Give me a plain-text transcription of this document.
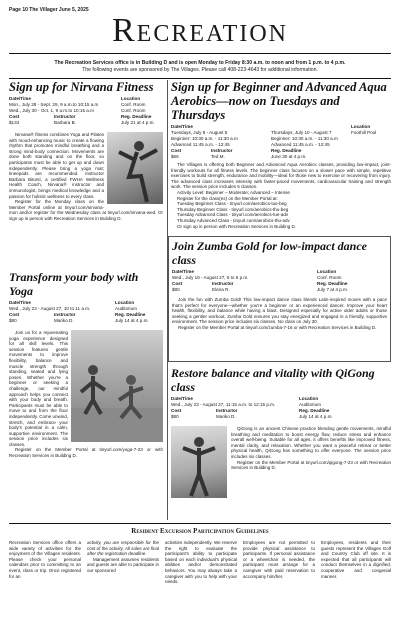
Page 10 The Villager June 5, 2025
Recreation
The Recreation Services office is in Building D and is open Monday to Friday 8:30 a.m. to noon and from 1 p.m. to 4 p.m.
The following events are sponsored by The Villages. Please call 408-223-4643 for additional information.
Sign up for Nirvana Fitness
Date/Time	Location
Mon., July 28 - Sept. 29, 9 a.m.to 10:15 a.m	Conf. Room
Wed., July 30 - Oct. 1, 9 a.m.to 10:15 a.m	Conf. Room
Cost	Instructor	Reg. Deadline
$134	Barbara B.	July 21 at 4 p.m.

Nirvana® fitness combines Yoga and Pilates with mood-enhancing music to create a flowing rhythm that promotes mindful breathing and a strong mind-body connection. Movements are done both standing and on the floor, so participants must be able to get up and down independently. Please bring a yoga mat; kneepads are recommended. Instructor Barbara Bitonti, a certified FWHA Wellness Health Coach, Nirvana® instructor and immunologist, brings medical knowledge and a passion for holistic wellness to every class.

Register for the Monday class on the Member Portal online at tinyurl.com/nirvana-mon and/or register for the Wednesday class at tinyurl.com/nirvana-wed. Or sign up in person with Recreation Services in Building D.

Sign up for Beginner and Advanced Aqua Aerobics—now on Tuesdays and Thursdays
Date/Time	Location
Tuesdays, July 8 - August 5	Thursdays, July 10 - August 7	Foothill Pool
Beginner: 10:30 a.m. - 11:30 a.m	Beginner: 10:30 a.m. - 11:30 a.m
Advanced 11:45 a.m. - 12:45	Advanced 11:45 a.m. - 12:45
Cost	Instructor	Reg. Deadline
$66	Ted M.	June 30 at 4 p.m.

The Villages is offering both Beginner and Advanced Aqua Aerobics classes, providing low-impact, joint-friendly workouts for all fitness levels. The beginner class focuses on a slower pace with simple, repetitive exercises to build strength, endurance and mobility—ideal for those new to exercise or recovering from injury. The advanced class increases intensity with faster-paced movements, cardiovascular training and strength work. The session price includes 5 classes.

Activity Level: Beginner – Moderate; Advanced – Intense
Register for the class(es) on the Member Portal at:
Tuesday Beginner Class - tinyurl.com/aerobics-tue-beg
Thursday Beginner Class - tinyurl.com/aerobics-thu-beg
Tuesday Advanced Class - tinyurl.com/aerobics-tue-adv
Thursday Advanced Class - tinyurl.com/aerobics-thu-adv
Or sign up in person with Recreation Services in Building D.
Join Zumba Gold for low-impact dance class
Date/Time	Location
Wed., July 16 - August 27, 5 to 6 p.m.	Conf. Room
Cost	Instructor	Reg. Deadline
$80	Elena R.	July 7 at 4 p.m.

Join the fun with Zumba Gold! This low-impact dance class blends Latin-inspired moves with a pace that's perfect for everyone—whether you're a beginner or an experienced dancer. Improve your heart health, flexibility, and balance while having a blast. Designed especially for active older adults or those seeking a gentler workout, Zumba Gold ensures you stay energized and engaged in a friendly, supportive environment. The session price includes six classes. No class on July 30.

Register on the Member Portal at tinyurl.com/zumba-7-16 or with Recreation Services in Building D.

Transform your body with Yoga
Date/Time	Location
Wed., July 23 - August 27, 10 to 11 a.m.	Auditorium
Cost	Instructor	Reg. Deadline
$80	Mariko D.	July 14 at 4 p.m.

Join us for a rejuvenating yoga experience designed for all skill levels. This session features gentle movements to improve flexibility, balance and muscle strength through standing, seated and lying poses. Whether you're a beginner or seeking a challenge, our mindful approach helps you connect with your body and breath. Participants must be able to move to and from the floor independently. Come unwind, stretch, and embrace your body's potential in a calm, supportive environment. The session price includes six classes.

Register on the Member Portal at tinyurl.com/yoga-7-23 or with Recreation Services in Building D.

Restore balance and vitality with QiGong class
Date/Time	Location
Wed., July 23 - August 27, 11:15 a.m. to 12:15 p.m.	Auditorium
Cost	Instructor	Reg. Deadline
$80	Mariko D.	July 14 at 4 p.m.

QiGong is an ancient Chinese practice blending gentle movements, mindful breathing and meditation to boost energy flow, reduce stress and enhance overall well-being. Suitable for all ages, it offers benefits like improved fitness, mental clarity, and relaxation. Whether you want a peaceful retreat or better physical health, QiGong has something to offer everyone. The session price includes six classes.

Register on the Member Portal at tinyurl.com/qigong-7-23 or with Recreation Services in Building D.

Resident Excursion Participation Guidelines
Recreation Services office offers a wide variety of activities for the enjoyment of the Villages residents. Please check your personal calendars prior to committing to an event, class or trip. Once registered for an

activity, you are responsible for the cost of the activity. All sales are final after the registration deadline.

Management assumes residents and guests are able to participate in our sponsored

activities independently. We reserve the right to evaluate the participant's ability to participate based on each individual's physical abilities and/or demonstrated behaviors. You may always take a caregiver with you to help with your needs.
Employees are not permitted to provide physical assistance to participants. If personal assistance or a wheelchair is needed, the participant must arrange for a caregiver with paid reservation to accompany him/her.
Employees, residents and their guests represent the Villages Golf and Country Club off site. It is expected that all participants will conduct themselves in a dignified, cooperative and congenial manner.
